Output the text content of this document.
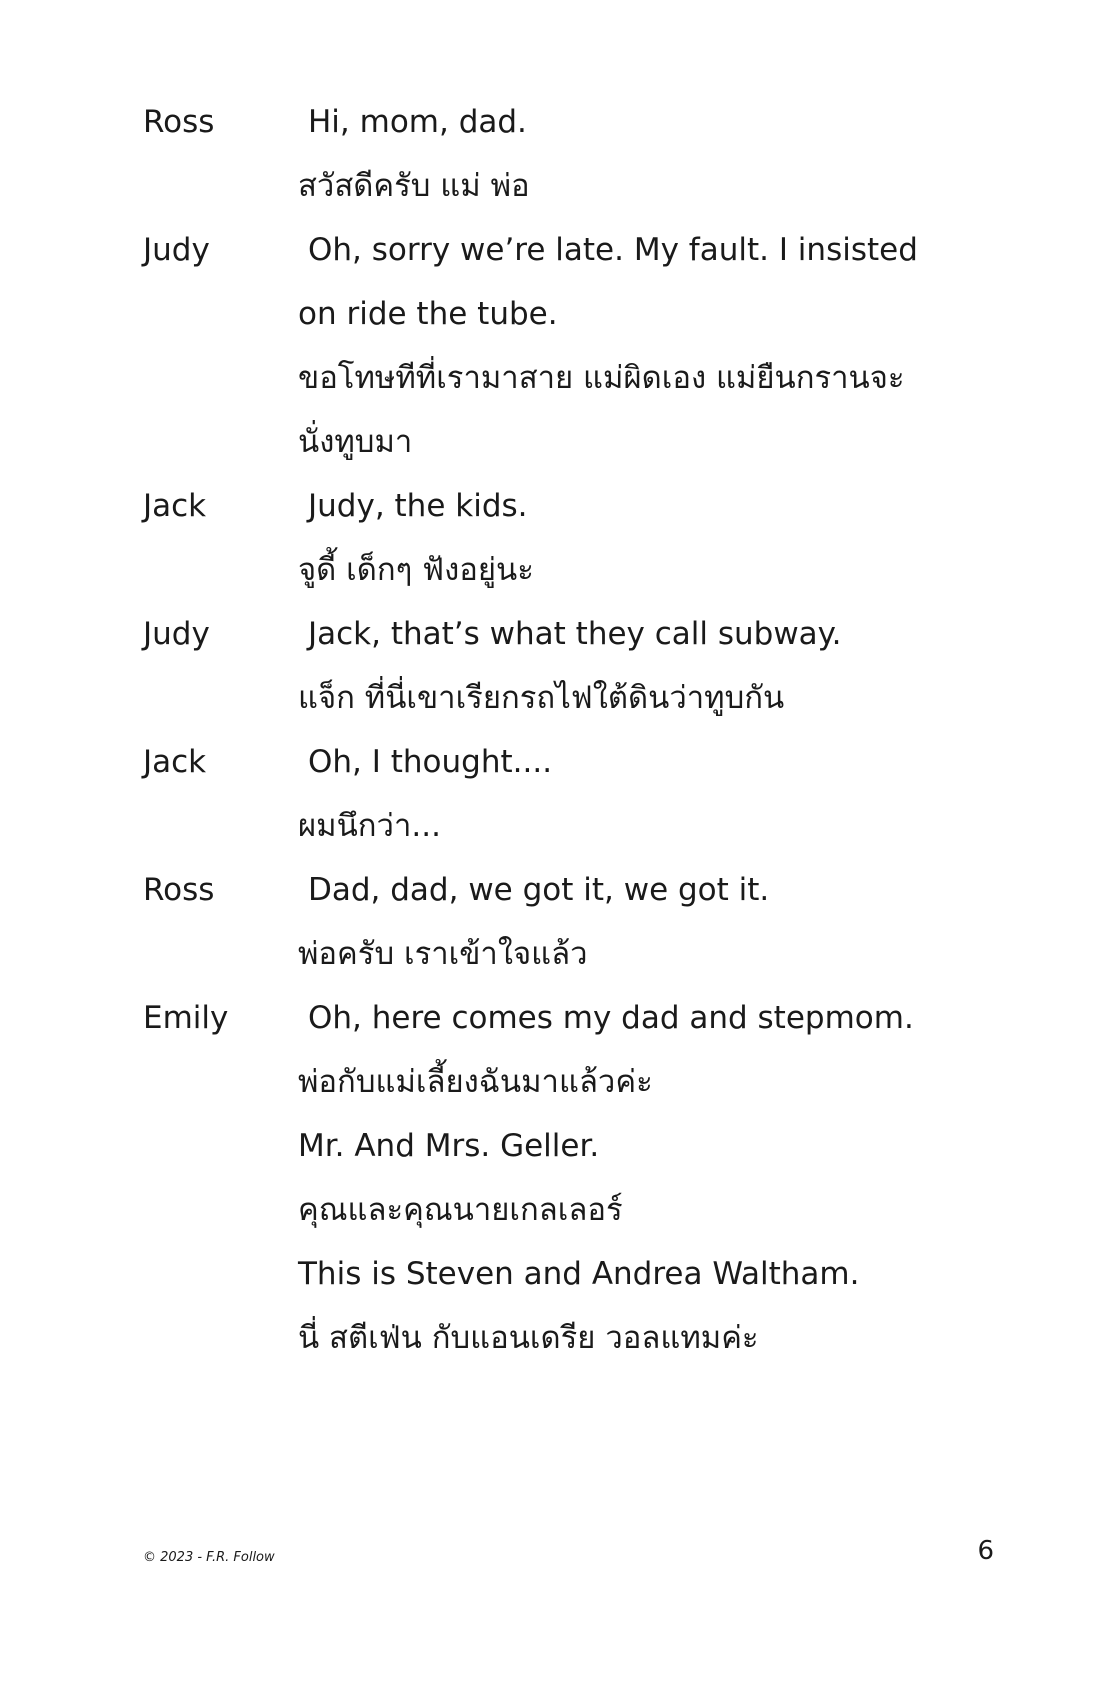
Ross	Hi, mom, dad.
สวัสดีครับ แม่ พ่อ
Judy	Oh, sorry we’re late. My fault. I insisted
on ride the tube.
ขอโทษทีที่เรามาสาย แม่ผิดเอง แม่ยืนกรานจะ
นั่งทูบมา
Jack	Judy, the kids.
จูดี้ เด็กๆ ฟังอยู่นะ
Judy	Jack, that’s what they call subway.
แจ็ก ที่นี่เขาเรียกรถไฟใต้ดินว่าทูบกัน
Jack	Oh, I thought....
ผมนึกว่า...
Ross	Dad, dad, we got it, we got it.
พ่อครับ เราเข้าใจแล้ว
Emily	Oh, here comes my dad and stepmom.
พ่อกับแม่เลี้ยงฉันมาแล้วค่ะ
Mr. And Mrs. Geller.
คุณและคุณนายเกลเลอร์
This is Steven and Andrea Waltham.
นี่ สตีเฟ่น กับแอนเดรีย วอลแทมค่ะ
© 2023 - F.R. Follow	6
